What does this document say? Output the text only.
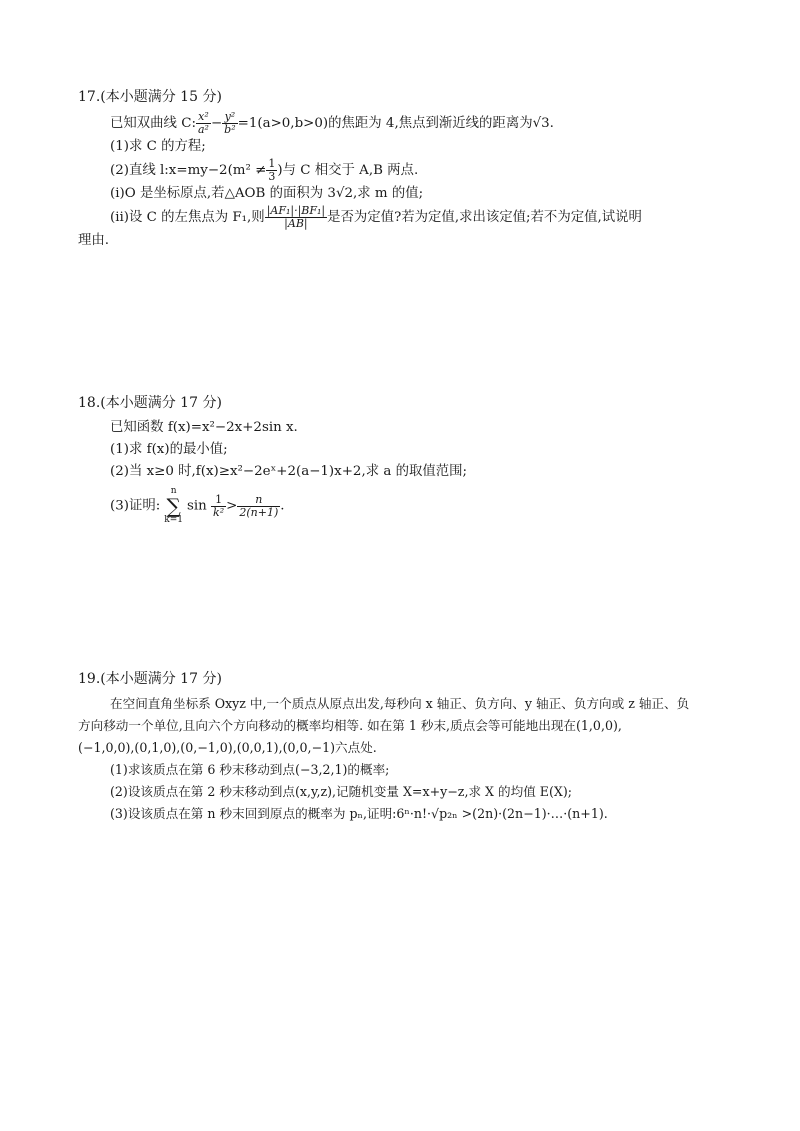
17.(本小题满分 15 分)
已知双曲线 C: $\frac{\text{x²}}{\text{a²}} - \frac{\text{y²}}{\text{b²}} =1(a>0,b>0)$的焦距为 4,焦点到渐近线的距离为√3.
(1)求 C 的方程;
(2)直线 l:x=my−2(m² ≠ $\frac{1}{3}$ )与 C 相交于 A,B 两点.
(ⅰ)O 是坐标原点,若△AOB 的面积为 3√2,求 m 的值;
(ⅱ)设 C 的左焦点为 F₁,则 $\frac{\text{|AF₁|·|BF₁|}}{|AB|}$ 是否为定值?若为定值,求出该定值;若不为定值,试说明
理由.
18.(本小题满分 17 分)
已知函数 f(x)=x²−2x+2sin x.
(1)求 f(x)的最小值;
(2)当 x≥0 时,f(x)≥x²−2eˣ+2(a−1)x+2,求 a 的取值范围;
(3)证明:n
∑
$k=1\sin \frac{1}{\text{k²}} > \frac{n}{2(n+1)}$ .
19.(本小题满分 17 分)
在空间直角坐标系 Oxyz 中,一个质点从原点出发,每秒向 x 轴正、负方向、y 轴正、负方向或 z 轴正、负
方向移动一个单位,且向六个方向移动的概率均相等. 如在第 1 秒末,质点会等可能地出现在(1,0,0),
(−1,0,0),(0,1,0),(0,−1,0),(0,0,1),(0,0,−1)六点处.
(1)求该质点在第 6 秒末移动到点(−3,2,1)的概率;
(2)设该质点在第 2 秒末移动到点(x,y,z),记随机变量 X=x+y−z,求 X 的均值 E(X);
(3)设该质点在第 n 秒末回到原点的概率为 pₙ,证明:6ⁿ·n!·√p₂ₙ >(2n)·(2n−1)·…·(n+1).
